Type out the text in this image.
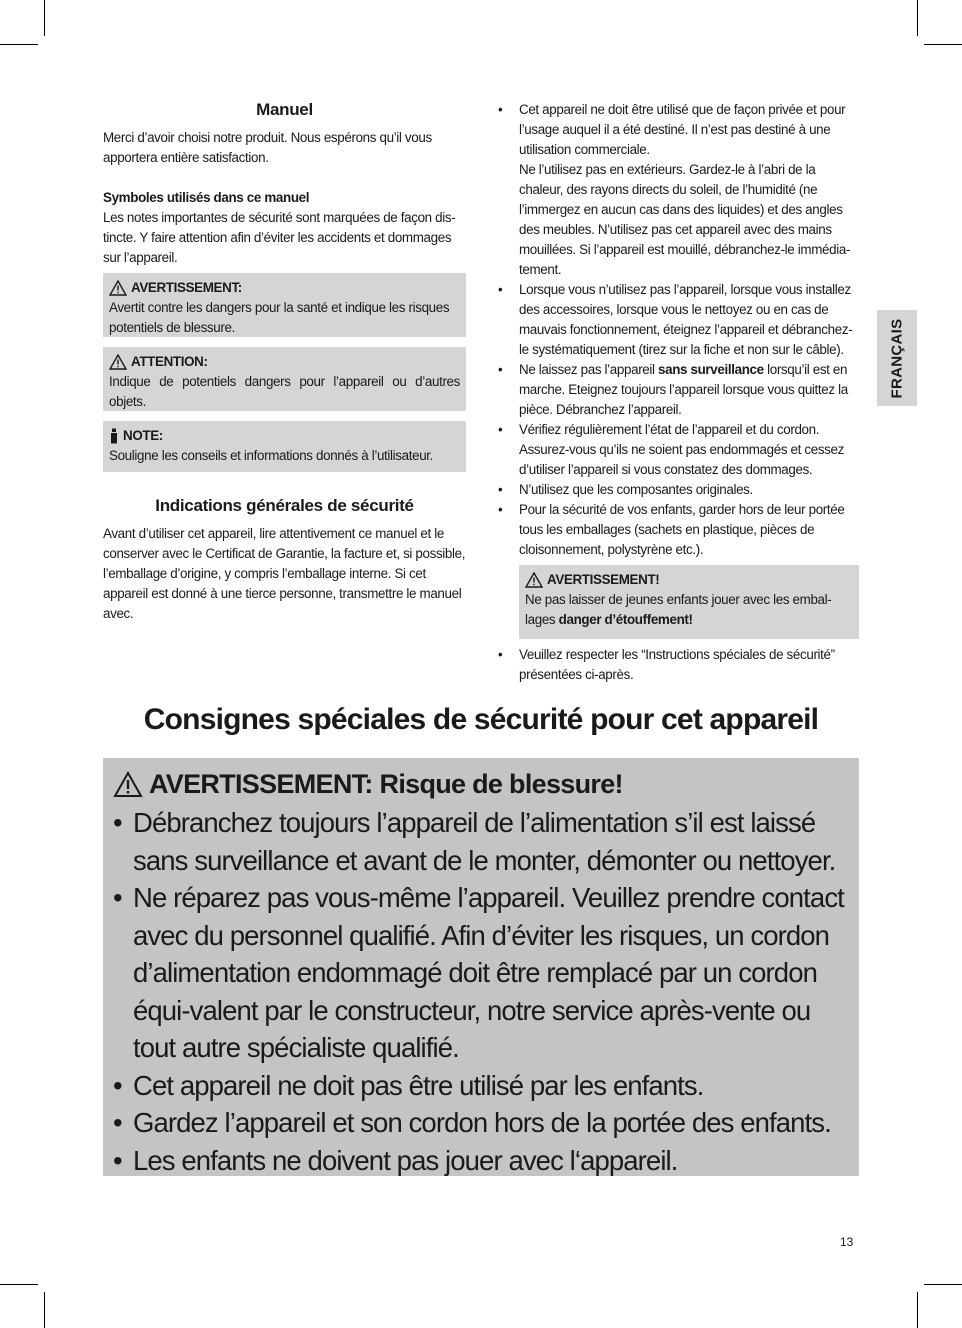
FRANÇAIS
Manuel

Merci d’avoir choisi notre produit. Nous espérons qu’il vous apportera entière satisfaction.

Symboles utilisés dans ce manuel

Les notes importantes de sécurité sont marquées de façon dis-tincte. Y faire attention afin d’éviter les accidents et dommages sur l’appareil.

AVERTISSEMENT:
Avertit contre les dangers pour la santé et indique les risques potentiels de blessure.
ATTENTION:
Indique de potentiels dangers pour l’appareil ou d’autres objets.
NOTE:
Souligne les conseils et informations donnés à l’utilisateur.
Indications générales de sécurité

Avant d’utiliser cet appareil, lire attentivement ce manuel et le conserver avec le Certificat de Garantie, la facture et, si possible, l’emballage d’origine, y compris l’emballage interne. Si cet appareil est donné à une tierce personne, transmettre le manuel avec.

• Cet appareil ne doit être utilisé que de façon privée et pour l’usage auquel il a été destiné. Il n’est pas destiné à une utilisation commerciale.
Ne l’utilisez pas en extérieurs. Gardez-le à l’abri de la chaleur, des rayons directs du soleil, de l’humidité (ne l’immergez en aucun cas dans des liquides) et des angles des meubles. N’utilisez pas cet appareil avec des mains mouillées. Si l’appareil est mouillé, débranchez-le immédia-tement.
• Lorsque vous n’utilisez pas l’appareil, lorsque vous installez des accessoires, lorsque vous le nettoyez ou en cas de mauvais fonctionnement, éteignez l’appareil et débranchez-le systématiquement (tirez sur la fiche et non sur le câble).
• Ne laissez pas l’appareil sans surveillance lorsqu’il est en marche. Eteignez toujours l’appareil lorsque vous quittez la pièce. Débranchez l’appareil.
• Vérifiez régulièrement l’état de l’appareil et du cordon. Assurez-vous qu’ils ne soient pas endommagés et cessez d’utiliser l’appareil si vous constatez des dommages.
• N’utilisez que les composantes originales.
• Pour la sécurité de vos enfants, garder hors de leur portée tous les emballages (sachets en plastique, pièces de cloisonnement, polystyrène etc.).
AVERTISSEMENT!
Ne pas laisser de jeunes enfants jouer avec les embal-lages danger d’étouffement!
• Veuillez respecter les “Instructions spéciales de sécurité” présentées ci-après.
Consignes spéciales de sécurité pour cet appareil
AVERTISSEMENT: Risque de blessure!
• Débranchez toujours l’appareil de l’alimentation s’il est laissé sans surveillance et avant de le monter, démonter ou nettoyer.
• Ne réparez pas vous-même l’appareil. Veuillez prendre contact avec du personnel qualifié. Afin d’éviter les risques, un cordon d’alimentation endommagé doit être remplacé par un cordon équi-valent par le constructeur, notre service après-vente ou tout autre spécialiste qualifié.
• Cet appareil ne doit pas être utilisé par les enfants.
• Gardez l’appareil et son cordon hors de la portée des enfants.
• Les enfants ne doivent pas jouer avec l‘appareil.
13
